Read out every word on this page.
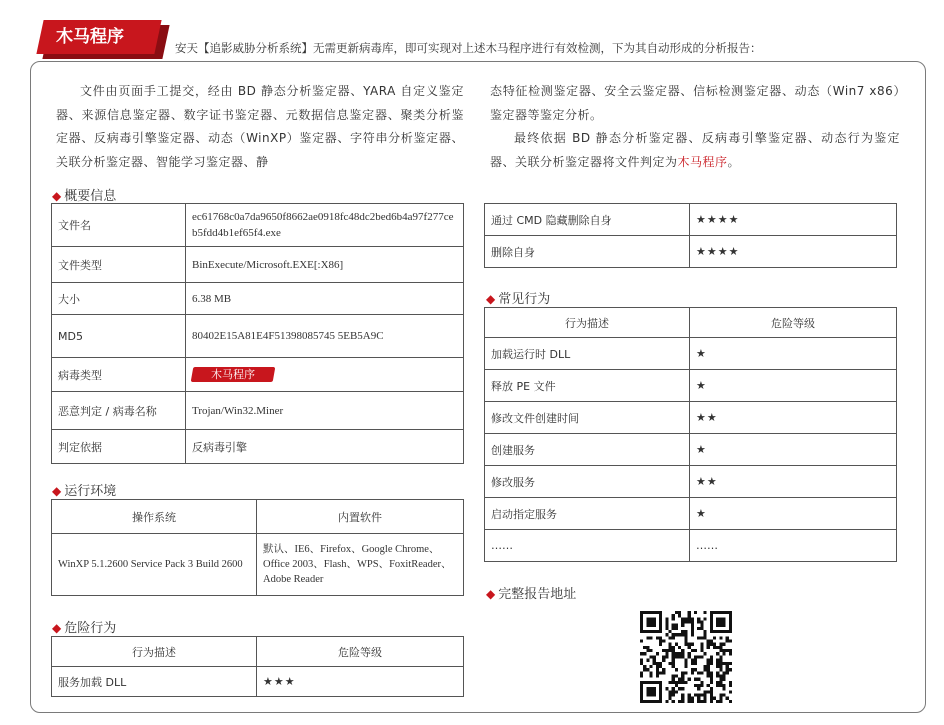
木马程序
安天【追影威胁分析系统】无需更新病毒库，即可实现对上述木马程序进行有效检测，下为其自动形成的分析报告：

文件由页面手工提交，经由 BD 静态分析鉴定器、YARA 自定义鉴定器、来源信息鉴定器、数字证书鉴定器、元数据信息鉴定器、聚类分析鉴定器、反病毒引擎鉴定器、动态（WinXP）鉴定器、字符串分析鉴定器、关联分析鉴定器、智能学习鉴定器、静

态特征检测鉴定器、安全云鉴定器、信标检测鉴定器、动态（Win7 x86）鉴定器等鉴定分析。

最终依据 BD 静态分析鉴定器、反病毒引擎鉴定器、动态行为鉴定器、关联分析鉴定器将文件判定为木马程序。

◆ 概要信息
文件名	ec61768c0a7da9650f8662ae0918fc48dc2bed6b4a97f277ceb5fdd4b1ef65f4.exe
文件类型	BinExecute/Microsoft.EXE[:X86]
大小	6.38 MB
MD5	80402E15A81E4F51398085745 5EB5A9C
病毒类型	木马程序
恶意判定 / 病毒名称	Trojan/Win32.Miner
判定依据	反病毒引擎
◆ 运行环境
操作系统	内置软件
WinXP 5.1.2600 Service Pack 3 Build 2600	默认、IE6、Firefox、Google Chrome、Office 2003、Flash、WPS、FoxitReader、Adobe Reader
◆ 危险行为
行为描述	危险等级
服务加载 DLL	★★★
通过 CMD 隐藏删除自身	★★★★
删除自身	★★★★
◆ 常见行为
行为描述	危险等级
加载运行时 DLL	★
释放 PE 文件	★
修改文件创建时间	★★
创建服务	★
修改服务	★★
启动指定服务	★
……	……
◆ 完整报告地址
